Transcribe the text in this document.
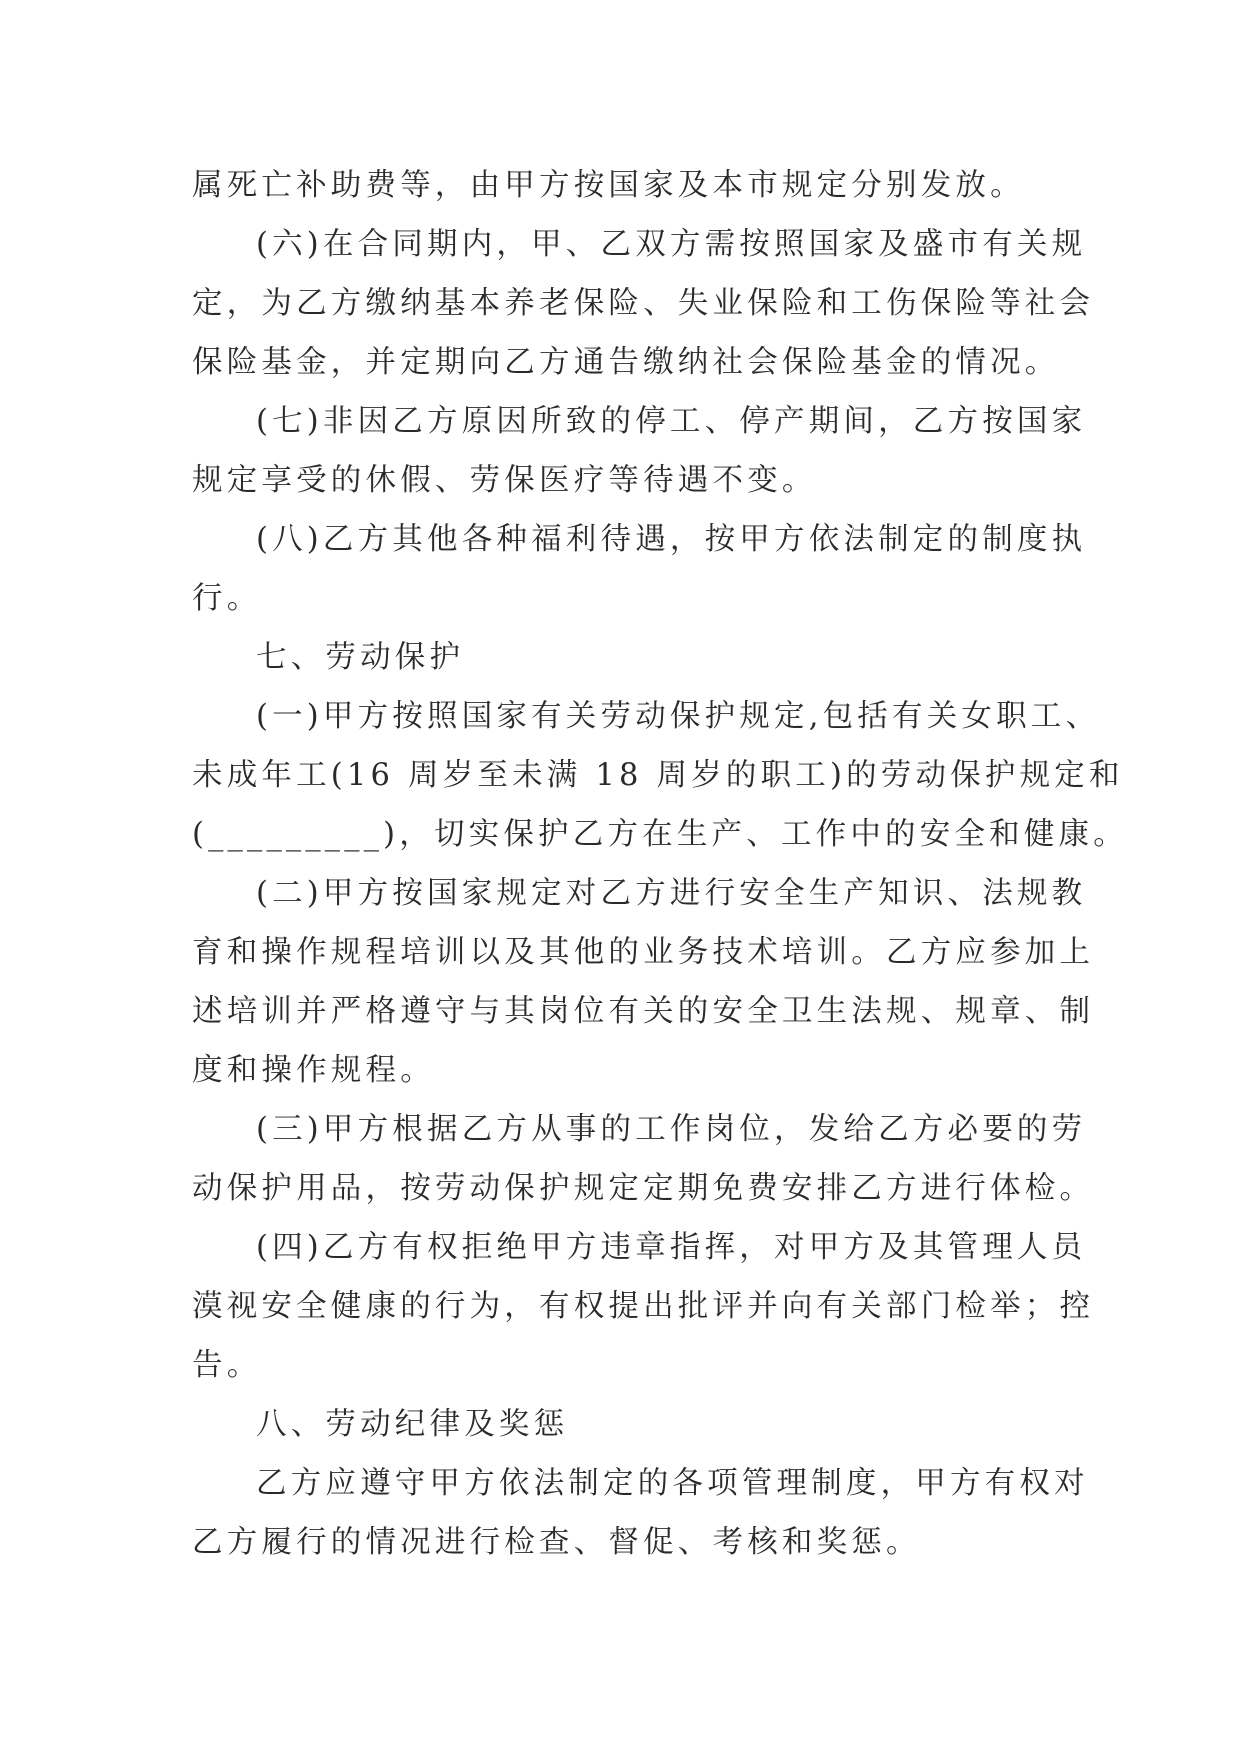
属死亡补助费等，由甲方按国家及本市规定分别发放。
(六)在合同期内，甲、乙双方需按照国家及盛市有关规
定，为乙方缴纳基本养老保险、失业保险和工伤保险等社会
保险基金，并定期向乙方通告缴纳社会保险基金的情况。
(七)非因乙方原因所致的停工、停产期间，乙方按国家
规定享受的休假、劳保医疗等待遇不变。
(八)乙方其他各种福利待遇，按甲方依法制定的制度执
行。
七、劳动保护
(一)甲方按照国家有关劳动保护规定,包括有关女职工、
未成年工(16 周岁至未满 18 周岁的职工)的劳动保护规定和
(_________)，切实保护乙方在生产、工作中的安全和健康。
(二)甲方按国家规定对乙方进行安全生产知识、法规教
育和操作规程培训以及其他的业务技术培训。乙方应参加上
述培训并严格遵守与其岗位有关的安全卫生法规、规章、制
度和操作规程。
(三)甲方根据乙方从事的工作岗位，发给乙方必要的劳
动保护用品，按劳动保护规定定期免费安排乙方进行体检。
(四)乙方有权拒绝甲方违章指挥，对甲方及其管理人员
漠视安全健康的行为，有权提出批评并向有关部门检举；控
告。
八、劳动纪律及奖惩
乙方应遵守甲方依法制定的各项管理制度，甲方有权对
乙方履行的情况进行检查、督促、考核和奖惩。
